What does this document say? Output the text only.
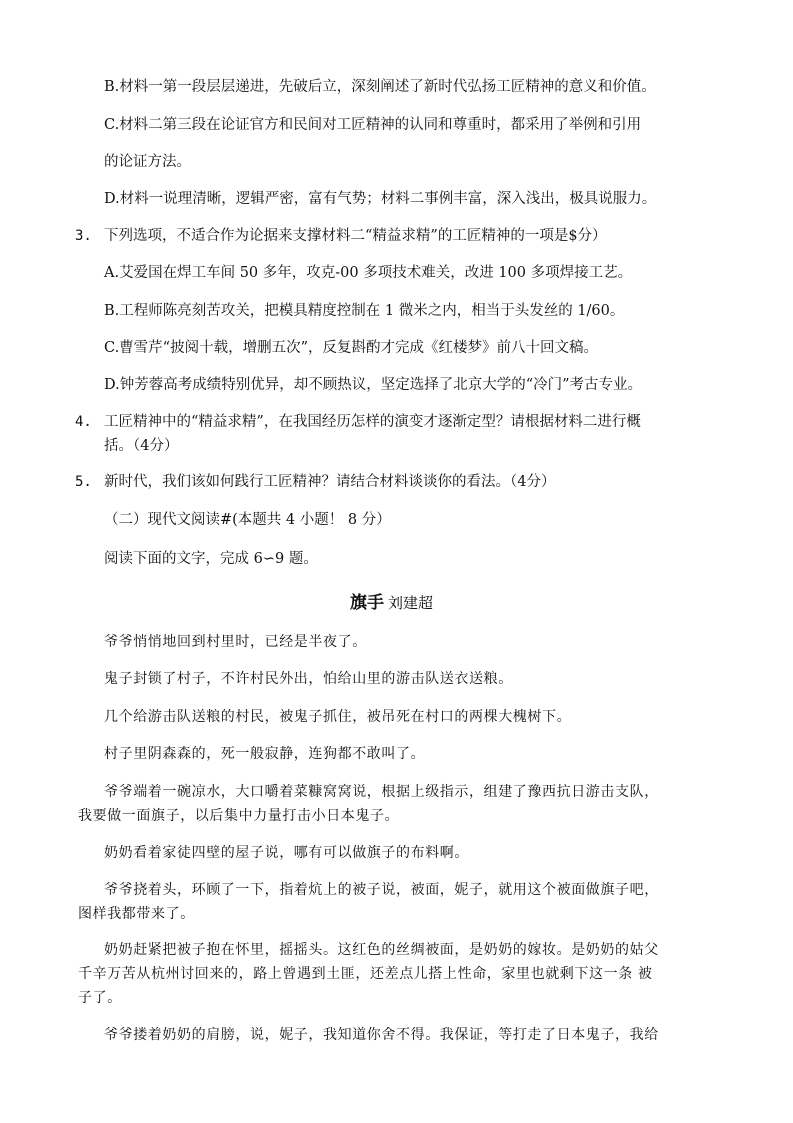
B.材料一第一段层层递进，先破后立，深刻阐述了新时代弘扬工匠精神的意义和价值。
C.材料二第三段在论证官方和民间对工匠精神的认同和尊重时，都采用了举例和引用
的论证方法。
D.材料一说理清晰，逻辑严密，富有气势；材料二事例丰富，深入浅出，极具说服力。
3. 下列选项，不适合作为论据来支撑材料二“精益求精”的工匠精神的一项是$分）
A.艾爱国在焊工车间 50 多年，攻克-00 多项技术难关，改进 100 多项焊接工艺。
B.工程师陈亮刻苦攻关，把模具精度控制在 1 微米之内，相当于头发丝的 1/60。
C.曹雪芹“披阅十载，增删五次”，反复斟酌才完成《红楼梦》前八十回文稿。
D.钟芳蓉高考成绩特别优异，却不顾热议，坚定选择了北京大学的“冷门”考古专业。
4. 工匠精神中的“精益求精”，在我国经历怎样的演变才逐渐定型？请根据材料二进行概
括。（4分）
5. 新时代，我们该如何践行工匠精神？请结合材料谈谈你的看法。（4分）
（二）现代文阅读#(本题共 4 小题！ 8 分）
阅读下面的文字，完成 6∽9 题。
旗手 刘建超
爷爷悄悄地回到村里时，已经是半夜了。
鬼子封锁了村子，不许村民外出，怕给山里的游击队送衣送粮。
几个给游击队送粮的村民，被鬼子抓住，被吊死在村口的两棵大槐树下。
村子里阴森森的，死一般寂静，连狗都不敢叫了。
爷爷端着一碗凉水，大口嚼着菜糠窝窝说，根据上级指示，组建了豫西抗日游击支队，
我要做一面旗子，以后集中力量打击小日本鬼子。
奶奶看着家徒四壁的屋子说，哪有可以做旗子的布料啊。
爷爷挠着头，环顾了一下，指着炕上的被子说，被面，妮子，就用这个被面做旗子吧，
图样我都带来了。
奶奶赶紧把被子抱在怀里，摇摇头。这红色的丝绸被面，是奶奶的嫁妆。是奶奶的姑父
千辛万苦从杭州讨回来的，路上曾遇到土匪，还差点儿搭上性命，家里也就剩下这一条 被
子了。
爷爷搂着奶奶的肩膀，说，妮子，我知道你舍不得。我保证，等打走了日本鬼子，我给
